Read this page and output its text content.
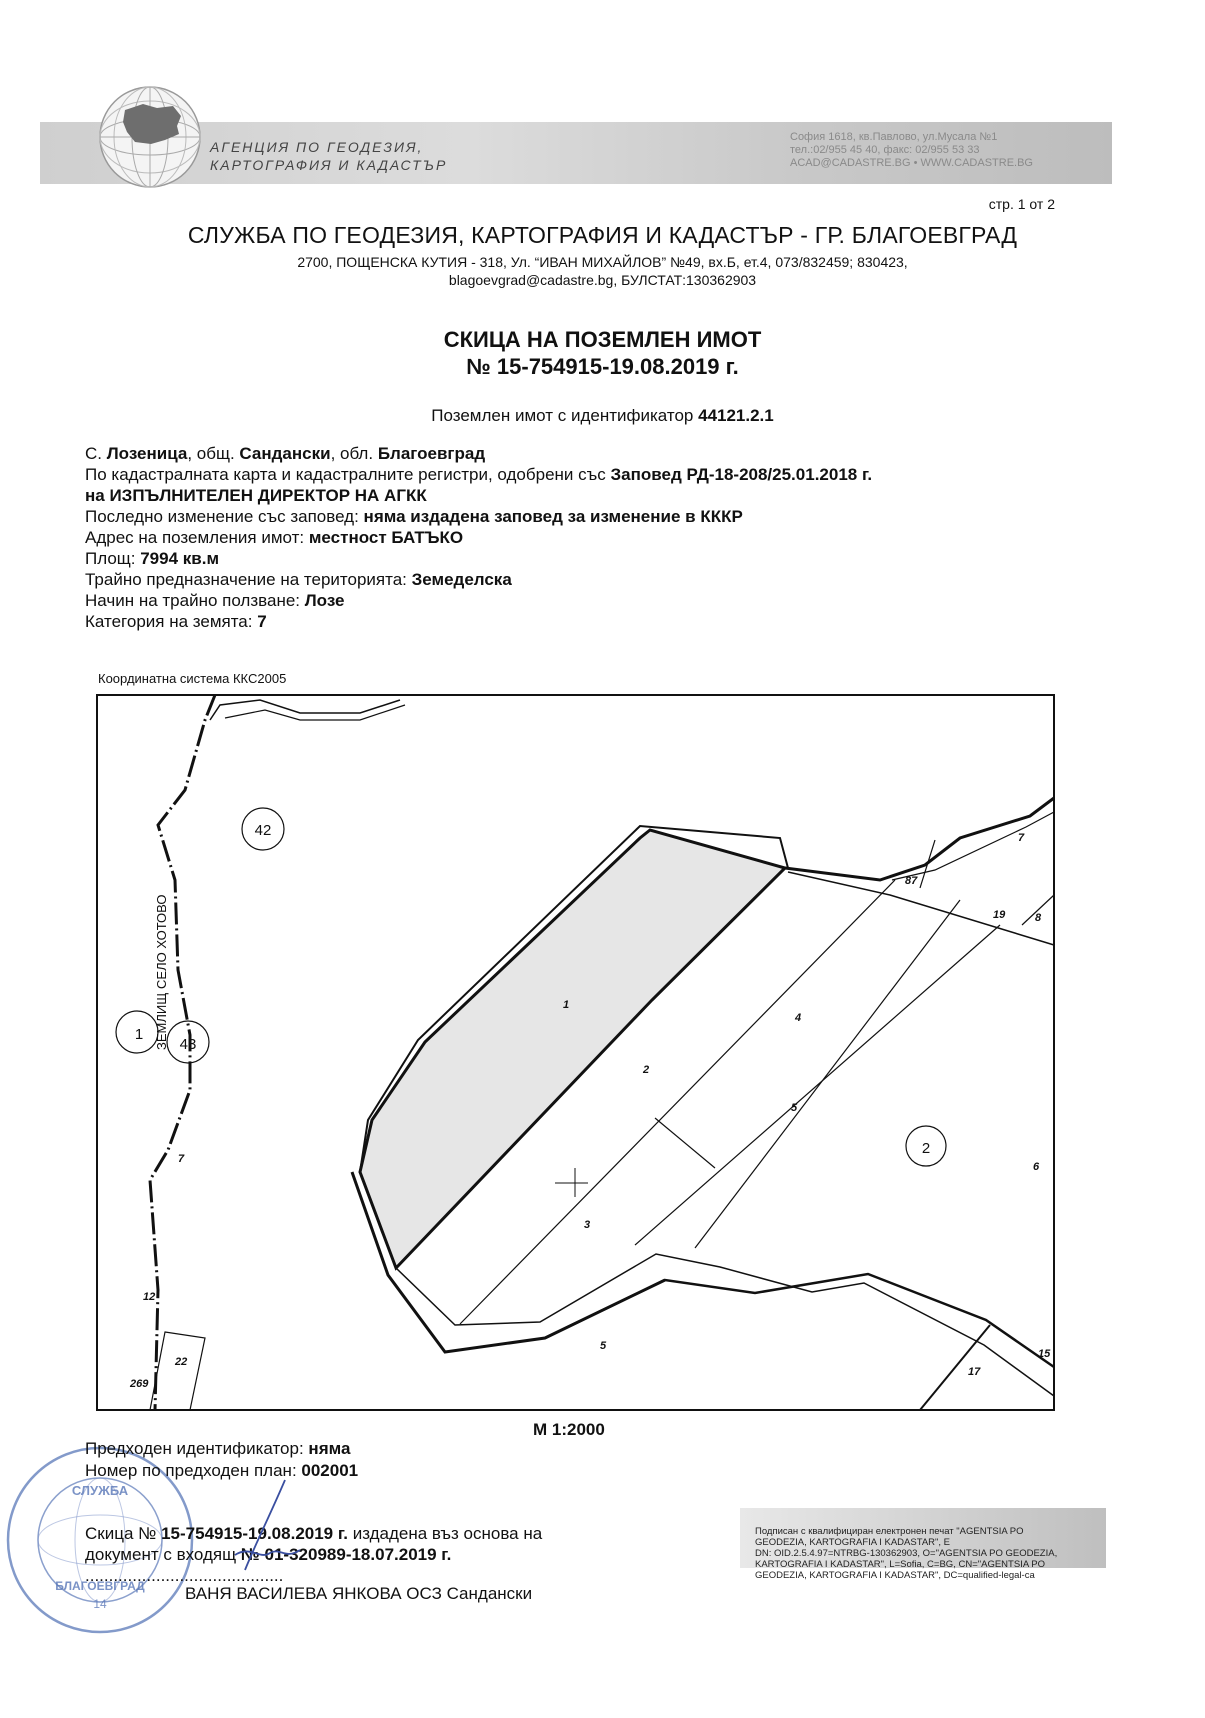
АГЕНЦИЯ ПО ГЕОДЕЗИЯ,
КАРТОГРАФИЯ И КАДАСТЪР
София 1618, кв.Павлово, ул.Мусала №1
тел.:02/955 45 40, факс: 02/955 53 33
ACAD@CADASTRE.BG • WWW.CADASTRE.BG
стр. 1 от 2
СЛУЖБА ПО ГЕОДЕЗИЯ, КАРТОГРАФИЯ И КАДАСТЪР - ГР. БЛАГОЕВГРАД
2700, ПОЩЕНСКА КУТИЯ - 318, Ул. “ИВАН МИХАЙЛОВ” №49, вх.Б, ет.4, 073/832459; 830423,
blagoevgrad@cadastre.bg, БУЛСТАТ:130362903
СКИЦА НА ПОЗЕМЛЕН ИМОТ
№ 15-754915-19.08.2019 г.
Поземлен имот с идентификатор 44121.2.1
С. Лозеница, общ. Сандански, обл. Благоевград
По кадастралната карта и кадастралните регистри, одобрени със Заповед РД-18-208/25.01.2018 г.
на ИЗПЪЛНИТЕЛЕН ДИРЕКТОР НА АГКК
Последно изменение със заповед: няма издадена заповед за изменение в КККР
Адрес на поземления имот: местност БАТЪКО
Площ: 7994 кв.м
Трайно предназначение на територията: Земеделска
Начин на трайно ползване: Лозе
Категория на земята: 7
Координатна система ККС2005
42
1
43
2
ЗЕМЛИЩ СЕЛО ХОТОВО	1
2
3
4
5
5
6
7
7
8
12
15
17
19
22
87
269
М 1:2000
СЛУЖБА
БЛАГОЕВГРАД
14
Предходен идентификатор: няма
Номер по предходен план: 002001
Скица № 15-754915-19.08.2019 г. издадена въз основа на
документ с входящ № 01-320989-18.07.2019 г.
..........................................
ВАНЯ ВАСИЛЕВА ЯНКОВА ОСЗ Сандански
Подписан с квалифициран електронен печат "AGENTSIA PO
GEODEZIA, KARTOGRAFIA I KADASTAR", E
DN: OID.2.5.4.97=NTRBG-130362903, O="AGENTSIA PO GEODEZIA,
KARTOGRAFIA I KADASTAR", L=Sofia, C=BG, CN="AGENTSIA PO
GEODEZIA, KARTOGRAFIA I KADASTAR", DC=qualified-legal-ca
